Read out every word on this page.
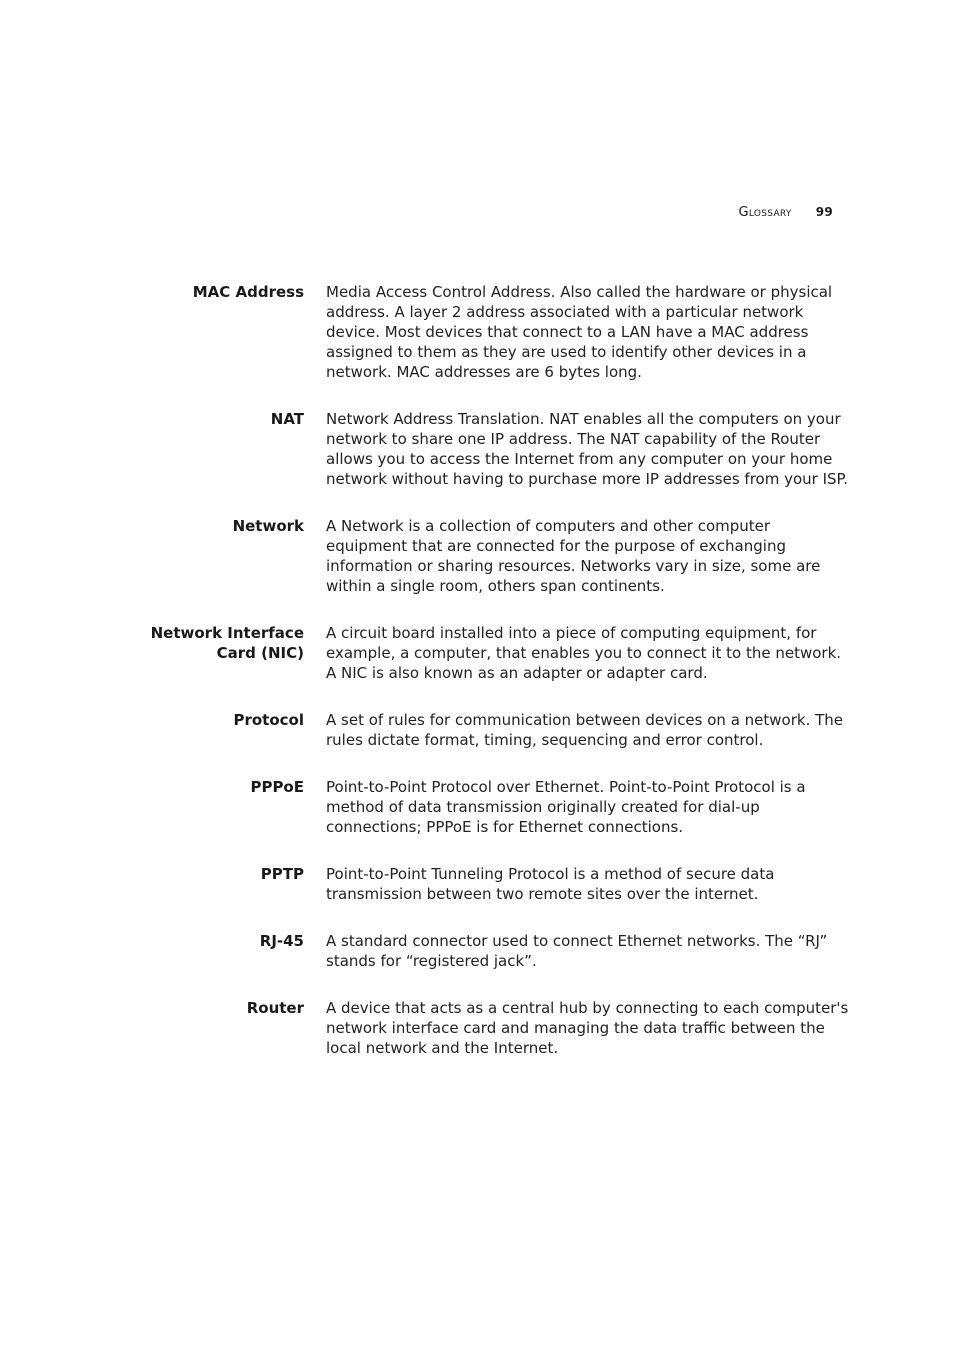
Glossary 99
MAC Address Media Access Control Address. Also called the hardware or physical address. A layer 2 address associated with a particular network device. Most devices that connect to a LAN have a MAC address assigned to them as they are used to identify other devices in a network. MAC addresses are 6 bytes long.
NAT Network Address Translation. NAT enables all the computers on your network to share one IP address. The NAT capability of the Router allows you to access the Internet from any computer on your home network without having to purchase more IP addresses from your ISP.
Network A Network is a collection of computers and other computer equipment that are connected for the purpose of exchanging information or sharing resources. Networks vary in size, some are within a single room, others span continents.
Network Interface
Card (NIC)
A circuit board installed into a piece of computing equipment, for example, a computer, that enables you to connect it to the network. A NIC is also known as an adapter or adapter card.
Protocol A set of rules for communication between devices on a network. The rules dictate format, timing, sequencing and error control.
PPPoE Point-to-Point Protocol over Ethernet. Point-to-Point Protocol is a method of data transmission originally created for dial-up connections; PPPoE is for Ethernet connections.
PPTP Point-to-Point Tunneling Protocol is a method of secure data transmission between two remote sites over the internet.
RJ-45 A standard connector used to connect Ethernet networks. The “RJ” stands for “registered jack”.
Router A device that acts as a central hub by connecting to each computer's network interface card and managing the data traffic between the local network and the Internet.
